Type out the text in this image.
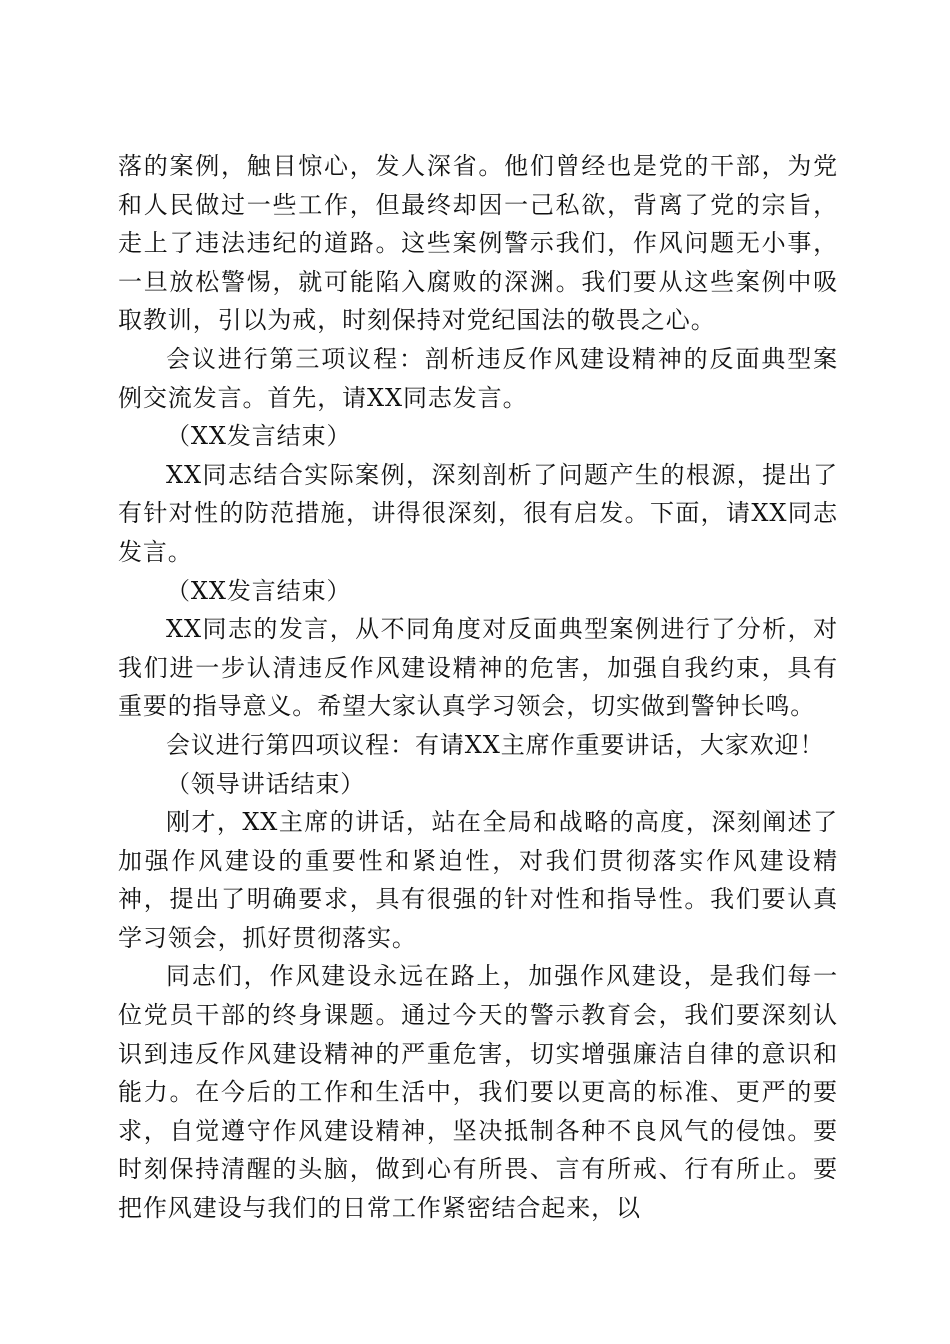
落的案例，触目惊心，发人深省。他们曾经也是党的干部，为党和人民做过一些工作，但最终却因一己私欲，背离了党的宗旨，走上了违法违纪的道路。这些案例警示我们，作风问题无小事，一旦放松警惕，就可能陷入腐败的深渊。我们要从这些案例中吸取教训，引以为戒，时刻保持对党纪国法的敬畏之心。

会议进行第三项议程：剖析违反作风建设精神的反面典型案例交流发言。首先，请XX同志发言。

（XX发言结束）

XX同志结合实际案例，深刻剖析了问题产生的根源，提出了有针对性的防范措施，讲得很深刻，很有启发。下面，请XX同志发言。

（XX发言结束）

XX同志的发言，从不同角度对反面典型案例进行了分析，对我们进一步认清违反作风建设精神的危害，加强自我约束，具有重要的指导意义。希望大家认真学习领会，切实做到警钟长鸣。

会议进行第四项议程：有请XX主席作重要讲话，大家欢迎！

（领导讲话结束）

刚才，XX主席的讲话，站在全局和战略的高度，深刻阐述了加强作风建设的重要性和紧迫性，对我们贯彻落实作风建设精神，提出了明确要求，具有很强的针对性和指导性。我们要认真学习领会，抓好贯彻落实。

同志们，作风建设永远在路上，加强作风建设，是我们每一位党员干部的终身课题。通过今天的警示教育会，我们要深刻认识到违反作风建设精神的严重危害，切实增强廉洁自律的意识和能力。在今后的工作和生活中，我们要以更高的标准、更严的要求，自觉遵守作风建设精神，坚决抵制各种不良风气的侵蚀。要时刻保持清醒的头脑，做到心有所畏、言有所戒、行有所止。要把作风建设与我们的日常工作紧密结合起来，以
